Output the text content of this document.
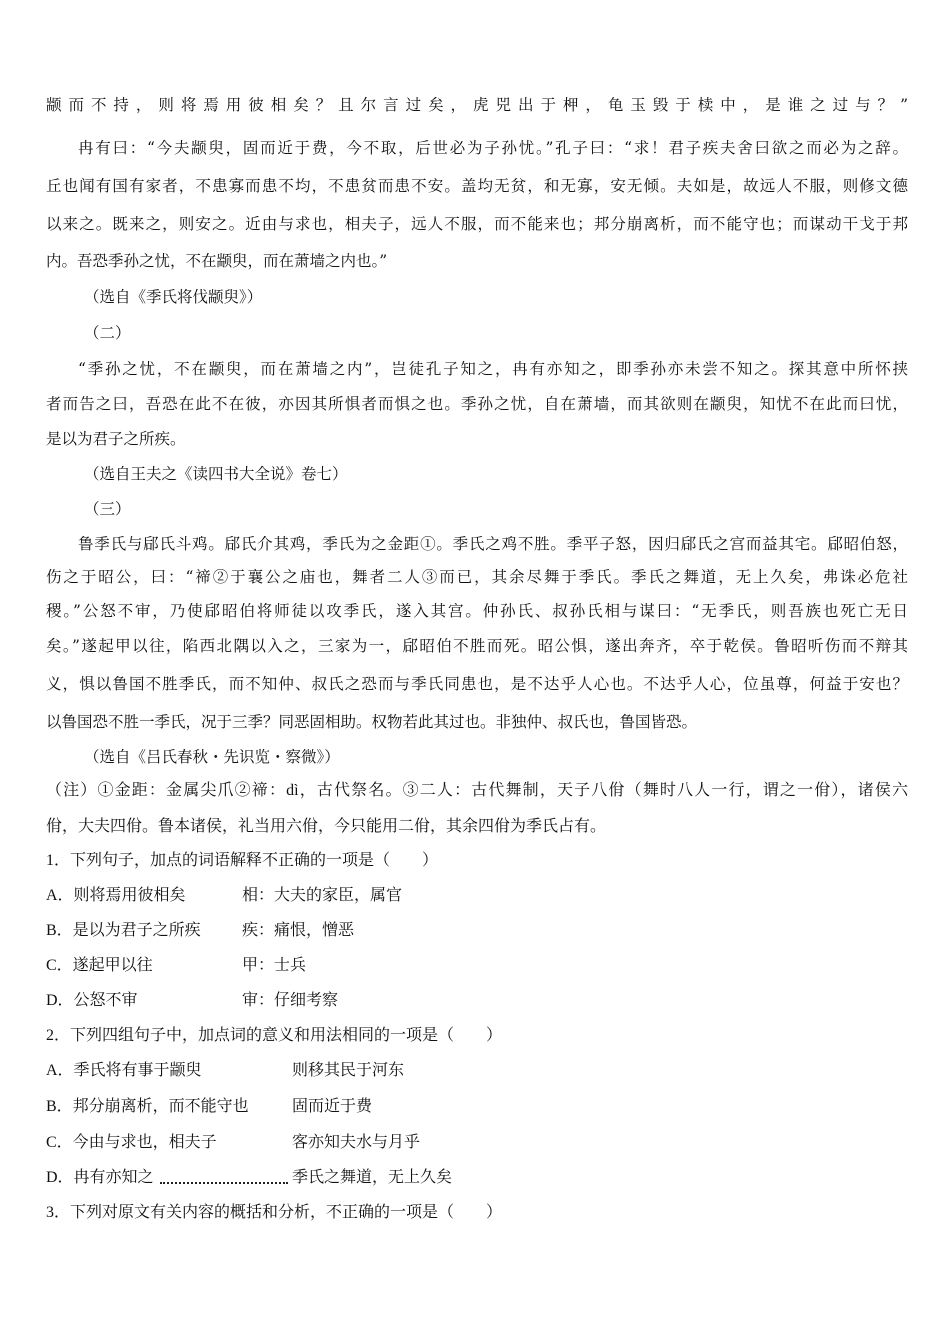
颛而不持，则将焉用彼相矣？且尔言过矣，虎兕出于柙，龟玉毁于椟中，是谁之过与？”
冉有曰：“今夫颛臾，固而近于费，今不取，后世必为子孙忧。”孔子曰：“求！君子疾夫舍曰欲之而必为之辞。
丘也闻有国有家者，不患寡而患不均，不患贫而患不安。盖均无贫，和无寡，安无倾。夫如是，故远人不服，则修文德
以来之。既来之，则安之。近由与求也，相夫子，远人不服，而不能来也；邦分崩离析，而不能守也；而谋动干戈于邦
内。吾恐季孙之忧，不在颛臾，而在萧墙之内也。”
（选自《季氏将伐颛臾》）
（二）
“季孙之忧，不在颛臾，而在萧墙之内”，岂徒孔子知之，冉有亦知之，即季孙亦未尝不知之。探其意中所怀挟
者而告之曰，吾恐在此不在彼，亦因其所惧者而惧之也。季孙之忧，自在萧墙，而其欲则在颛臾，知忧不在此而曰忧，
是以为君子之所疾。
（选自王夫之《读四书大全说》卷七）
（三）
鲁季氏与郈氏斗鸡。郈氏介其鸡，季氏为之金距①。季氏之鸡不胜。季平子怒，因归郈氏之宫而益其宅。郈昭伯怒，
伤之于昭公，曰：“禘②于襄公之庙也，舞者二人③而已，其余尽舞于季氏。季氏之舞道，无上久矣，弗诛必危社
稷。”公怒不审，乃使郈昭伯将师徒以攻季氏，遂入其宫。仲孙氏、叔孙氏相与谋曰：“无季氏，则吾族也死亡无日
矣。”遂起甲以往，陷西北隅以入之，三家为一，郈昭伯不胜而死。昭公惧，遂出奔齐，卒于乾侯。鲁昭听伤而不辩其
义，惧以鲁国不胜季氏，而不知仲、叔氏之恐而与季氏同患也，是不达乎人心也。不达乎人心，位虽尊，何益于安也？
以鲁国恐不胜一季氏，况于三季？同恶固相助。权物若此其过也。非独仲、叔氏也，鲁国皆恐。
（选自《吕氏春秋・先识览・察微》）
（注）①金距：金属尖爪②禘：dì，古代祭名。③二人：古代舞制，天子八佾（舞时八人一行，谓之一佾），诸侯六
佾，大夫四佾。鲁本诸侯，礼当用六佾，今只能用二佾，其余四佾为季氏占有。
1．下列句子，加点的词语解释不正确的一项是（　　）
A．则将焉用彼相矣	相：大夫的家臣，属官
B．是以为君子之所疾	疾：痛恨，憎恶
C．遂起甲以往	甲：士兵
D．公怒不审	审：仔细考察
2．下列四组句子中，加点词的意义和用法相同的一项是（　　）
A．季氏将有事于颛臾	则移其民于河东
B．邦分崩离析，而不能守也	固而近于费
C．今由与求也，相夫子	客亦知夫水与月乎
D．冉有亦知之	季氏之舞道，无上久矣
3．下列对原文有关内容的概括和分析，不正确的一项是（　　）
